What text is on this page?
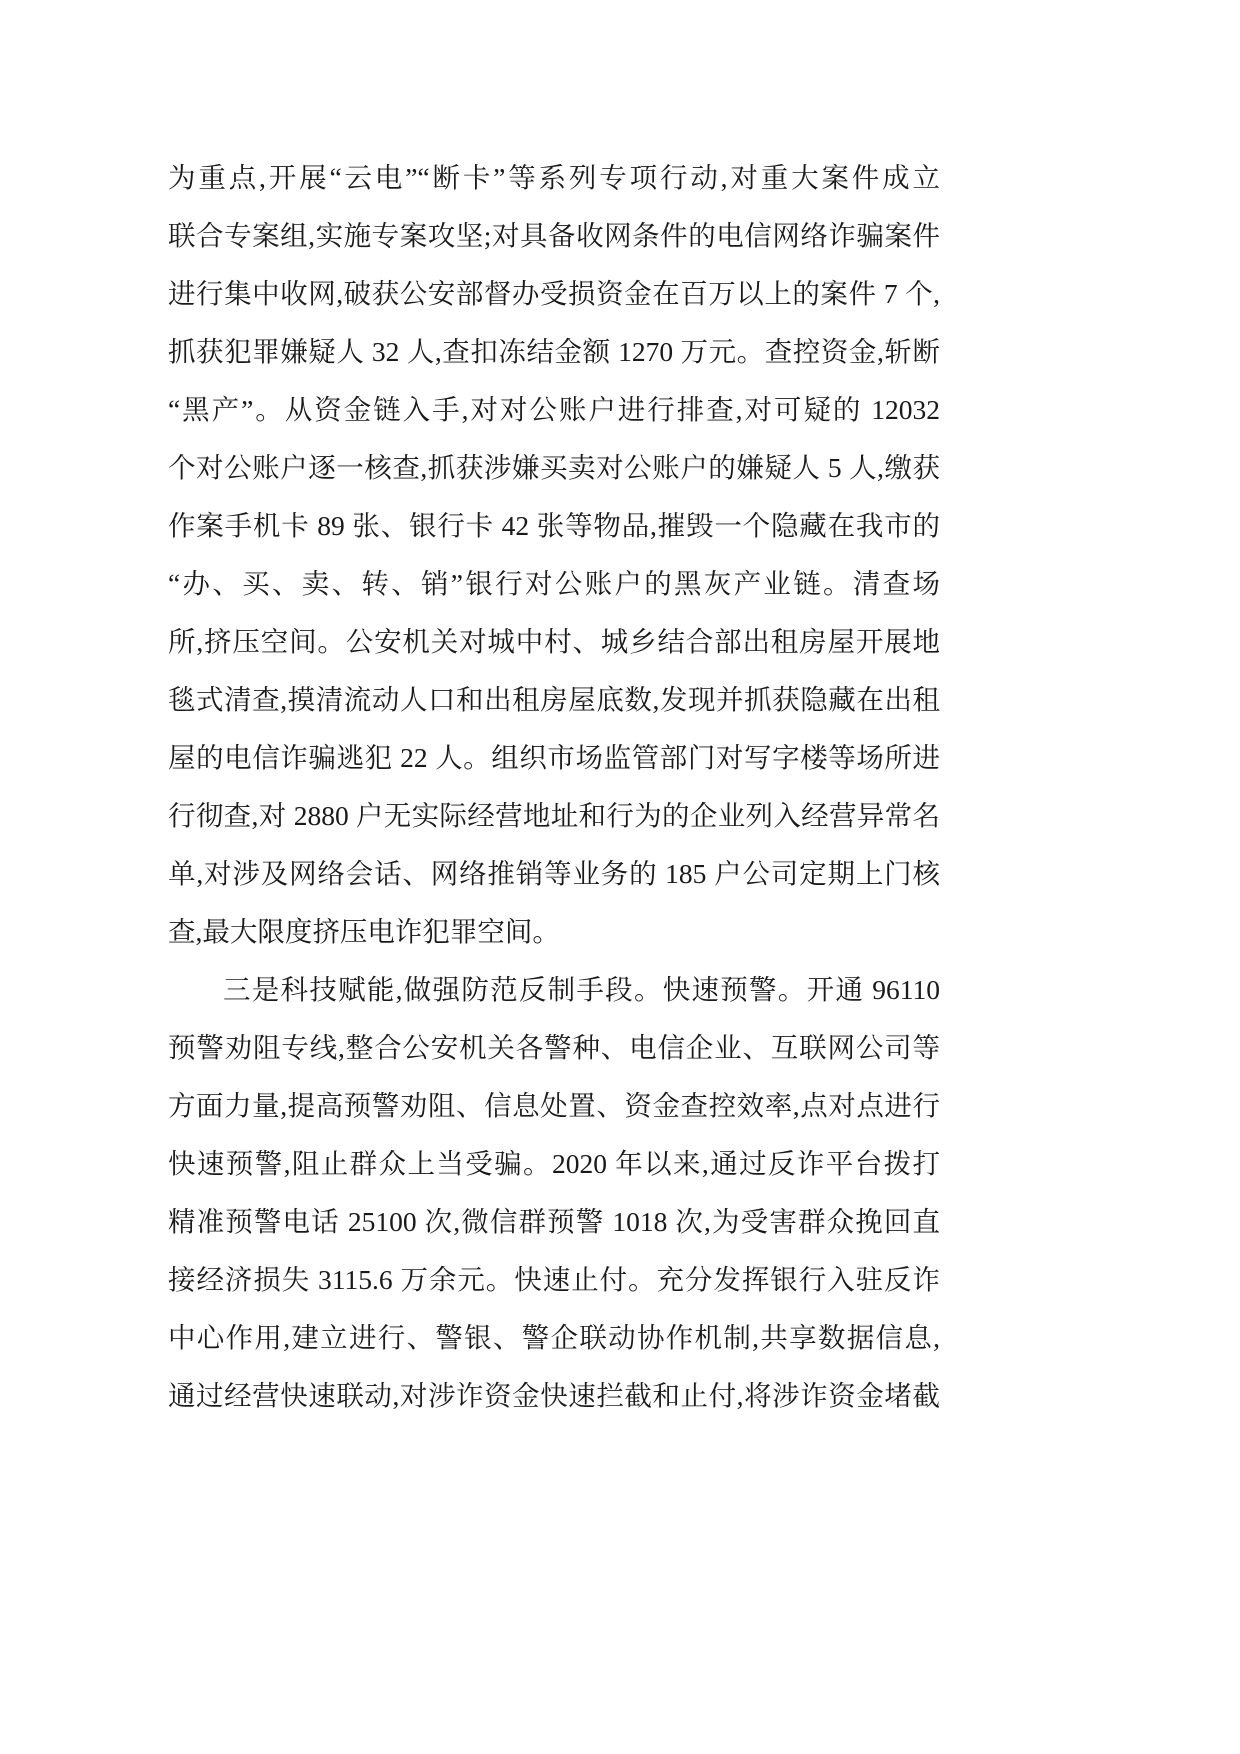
为重点,开展“云电”“断卡”等系列专项行动,对重大案件成立
联合专案组,实施专案攻坚;对具备收网条件的电信网络诈骗案件
进行集中收网,破获公安部督办受损资金在百万以上的案件 7 个,
抓获犯罪嫌疑人 32 人,查扣冻结金额 1270 万元。查控资金,斩断
“黑产”。从资金链入手,对对公账户进行排查,对可疑的 12032
个对公账户逐一核查,抓获涉嫌买卖对公账户的嫌疑人 5 人,缴获
作案手机卡 89 张、银行卡 42 张等物品,摧毁一个隐藏在我市的
“办、买、卖、转、销”银行对公账户的黑灰产业链。清查场
所,挤压空间。公安机关对城中村、城乡结合部出租房屋开展地
毯式清查,摸清流动人口和出租房屋底数,发现并抓获隐藏在出租
屋的电信诈骗逃犯 22 人。组织市场监管部门对写字楼等场所进
行彻查,对 2880 户无实际经营地址和行为的企业列入经营异常名
单,对涉及网络会话、网络推销等业务的 185 户公司定期上门核
查,最大限度挤压电诈犯罪空间。
三是科技赋能,做强防范反制手段。快速预警。开通 96110
预警劝阻专线,整合公安机关各警种、电信企业、互联网公司等
方面力量,提高预警劝阻、信息处置、资金查控效率,点对点进行
快速预警,阻止群众上当受骗。2020 年以来,通过反诈平台拨打
精准预警电话 25100 次,微信群预警 1018 次,为受害群众挽回直
接经济损失 3115.6 万余元。快速止付。充分发挥银行入驻反诈
中心作用,建立进行、警银、警企联动协作机制,共享数据信息,
通过经营快速联动,对涉诈资金快速拦截和止付,将涉诈资金堵截
